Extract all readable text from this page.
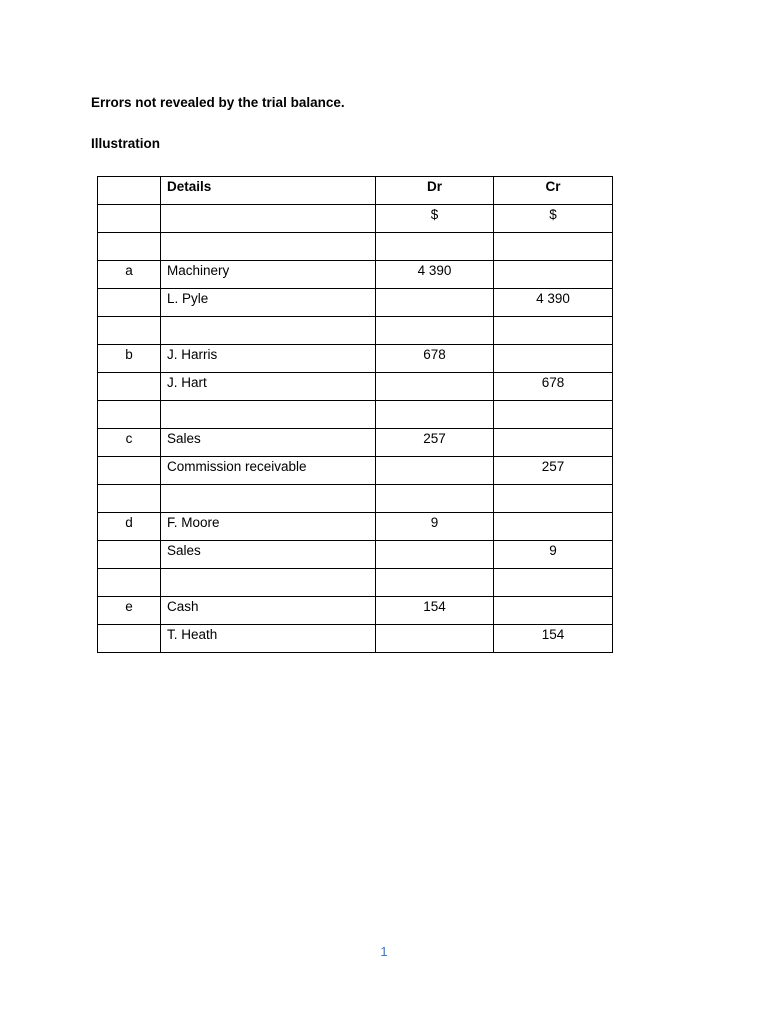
Errors not revealed by the trial balance.
Illustration
	Details	Dr	Cr
		$	$

a	Machinery	4 390	
	L. Pyle		4 390

b	J. Harris	678	
	J. Hart		678

c	Sales	257	
	Commission receivable		257

d	F. Moore	9	
	Sales		9

e	Cash	154	
	T. Heath		154
1
